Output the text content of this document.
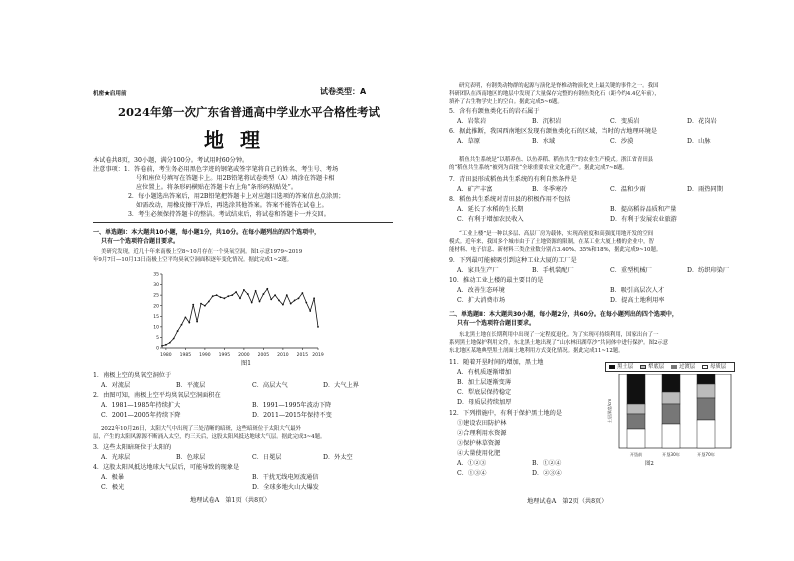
机密★启用前	试卷类型：A
2024年第一次广东省普通高中学业水平合格性考试
地理
本试卷共8页，30小题，满分100分。考试用时60分钟。
注意事项：1．答卷前，考生务必用黑色字迹的钢笔或签字笔将自己的姓名、考生号、考场
号和座位号填写在答题卡上。用2B铅笔将试卷类型（A）填涂在答题卡相
应位置上。将条形码横贴在答题卡右上角“条形码粘贴处”。
2．每小题选出答案后，用2B铅笔把答题卡上对应题目选项的答案信息点涂黑；
如需改动，用橡皮擦干净后，再选涂其他答案。答案不能答在试卷上。
3．考生必须保持答题卡的整洁。考试结束后，将试卷和答题卡一并交回。
一、单选题Ⅰ：本大题共10小题，每小题1分，共10分。在每小题列出的四个选项中，
只有一个选项符合题目要求。
美研究发现，近几十年来南极上空8~10月存在一个臭氧空洞。图1示意1979~2019
年9月7日—10月13日南极上空平均臭氧空洞面积逐年变化情况。据此完成1~2题。
0
5
10
15
20
25
30
35
1980 1985 1990 1995 2000 2005 2010 2015 2019
图1
1．南极上空的臭氧空洞位于
A．对流层	B．平流层	C．高层大气	D．大气上界
2．由图可知，南极上空平均臭氧层空洞面积在
A．1981—1985年持续扩大	B．1991—1995年波动下降
C．2001—2005年持续下降	D．2011—2015年保持不变
2022年10月26日，太阳大气中出现了三处清晰的暗斑，这些暗斑位于太阳大气最外
层，产生的太阳风源源不断涌入太空，约三天后，这股太阳风抵达地球大气层。据此完成3~4题。
3．这些太阳暗斑位于太阳的
A．光球层	B．色球层	C．日冕层	D．外太空
4．这股太阳风抵达地球大气层后，可能导致的现象是
A．极暴	B．干扰无线电短波通信
C．极光	D．全球多地火山大爆发
地理试卷A　第1页（共8页）
研究表明，有钢类动物群的起源与演化是脊椎动物演化史上最关键的事件之一。我国
科研团队在西南地区的地层中发现了大量保存完整的有钢鱼类化石（距今约4.4亿年前），
填补了古生物学史上的空白。据此完成5~6题。
5．含有有颌鱼类化石的岩石属于
A．岩浆岩	B．沉积岩	C．变质岩	D．花岗岩
6．据此推断，我国西南地区发现有颌鱼类化石的区域，当时的古地理环境是
A．草原	B．水域	C．沙漠	D．山脉
稻鱼共生系统是“以稻养鱼、以鱼养稻、稻鱼共生”的农业生产模式。浙江省青田县
的“稻鱼共生系统”被列为首批“全球重要农业文化遗产”。据此完成7~8题。
7．青田县形成稻鱼共生系统的有利自然条件是
A．矿产丰富	B．冬季寒冷	C．温和少雨	D．雨热同期
8．稻鱼共生系统对青田县的积极作用不包括
A．延长了水稻的生长期	B．提高稻谷品质和产量
C．有利于增加农民收入	D．有利于发展农业旅游
“工业上楼”是一种以多层、高层厂房为载体，实现高密度和高强度用地开发的空间
模式。近年来，我国多个城市由于了土地资源的限制，在某工业大厦上楼的企业中，智
能材料、电子信息、新材料三类企业数分别占3.40%、35%和18%，据此完成9~10题。
9．下列最可能被吸引到这种工业大厦的工厂是
A．家具生产厂	B．手机装配厂	C．重型机械厂	D．纺织印染厂
10．推动工业上楼的最主要目的是
A．改善生态环境	B．吸引高层次人才
C．扩大消费市场	D．提高土地利用率
二、单选题Ⅱ：本大题共30小题，每小题2分，共60分。在每小题列出的四个选项中，
只有一个选项符合题目要求。
东北黑土地在长期利用中出现了一定程度退化。为了实现可持续利用，国家出台了一
系列黑土地保护利用文件，东北黑土地出现了“山水林田湖草沙”共同体中进行保护。图2示意
东北地区某地典型黑土剖面土地利用方式变化情况。据此完成11~12题。
11．随着开垦时间的增加，黑土地
A．有机质逐渐增加
B．加土层逐渐变薄
C．犁底层保持稳定
D．母质层持续加厚
12．下列措施中，有利于保护黑土地的是
①建设农田防护林
②合理利用水资源
③保护林草资源
④大量使用化肥
A．①②③	B．①②④
C．①③④	D．②③④
黑土层	犁底层	过渡层	母质层
土层深度/cm
开垦前	开垦30年	开垦70年
图2
地理试卷A　第2页（共8页）
